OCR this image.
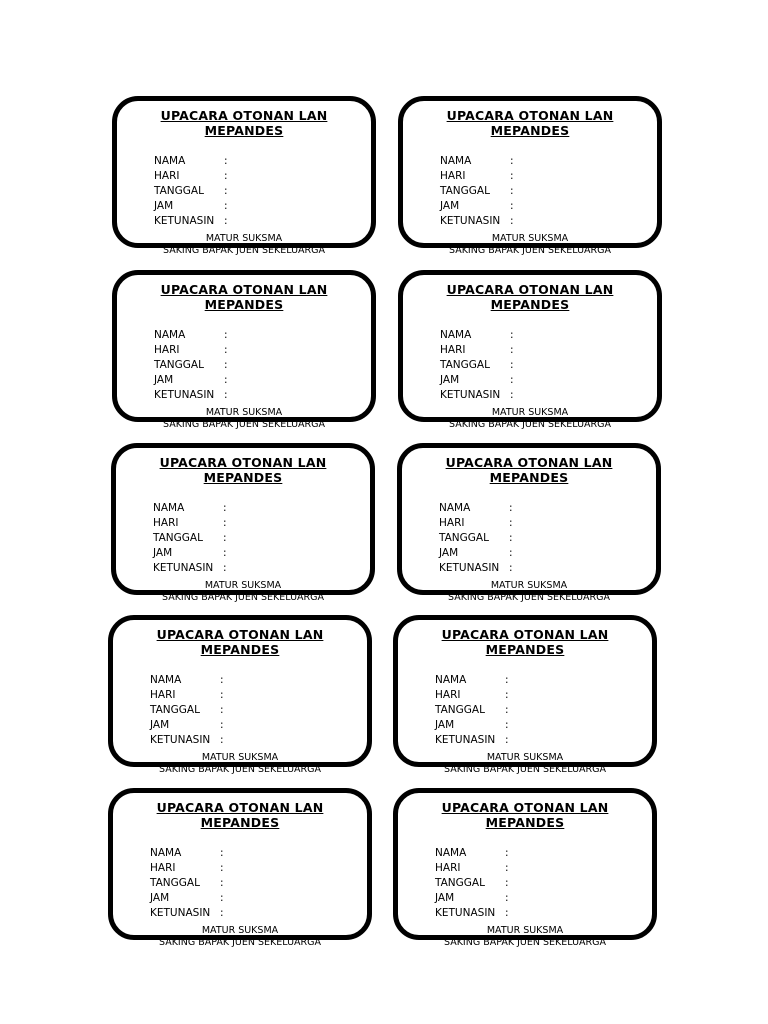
UPACARA OTONAN LAN
MEPANDES
NAMA	:
HARI	:
TANGGAL	:
JAM	:
KETUNASIN :
MATUR SUKSMA
SAKING BAPAK JUEN SEKELUARGA
UPACARA OTONAN LAN
MEPANDES
NAMA	:
HARI	:
TANGGAL	:
JAM	:
KETUNASIN :
MATUR SUKSMA
SAKING BAPAK JUEN SEKELUARGA
UPACARA OTONAN LAN
MEPANDES
NAMA	:
HARI	:
TANGGAL	:
JAM	:
KETUNASIN :
MATUR SUKSMA
SAKING BAPAK JUEN SEKELUARGA
UPACARA OTONAN LAN
MEPANDES
NAMA	:
HARI	:
TANGGAL	:
JAM	:
KETUNASIN :
MATUR SUKSMA
SAKING BAPAK JUEN SEKELUARGA
UPACARA OTONAN LAN
MEPANDES
NAMA	:
HARI	:
TANGGAL	:
JAM	:
KETUNASIN :
MATUR SUKSMA
SAKING BAPAK JUEN SEKELUARGA
UPACARA OTONAN LAN
MEPANDES
NAMA	:
HARI	:
TANGGAL	:
JAM	:
KETUNASIN :
MATUR SUKSMA
SAKING BAPAK JUEN SEKELUARGA
UPACARA OTONAN LAN
MEPANDES
NAMA	:
HARI	:
TANGGAL	:
JAM	:
KETUNASIN :
MATUR SUKSMA
SAKING BAPAK JUEN SEKELUARGA
UPACARA OTONAN LAN
MEPANDES
NAMA	:
HARI	:
TANGGAL	:
JAM	:
KETUNASIN :
MATUR SUKSMA
SAKING BAPAK JUEN SEKELUARGA
UPACARA OTONAN LAN
MEPANDES
NAMA	:
HARI	:
TANGGAL	:
JAM	:
KETUNASIN :
MATUR SUKSMA
SAKING BAPAK JUEN SEKELUARGA
UPACARA OTONAN LAN
MEPANDES
NAMA	:
HARI	:
TANGGAL	:
JAM	:
KETUNASIN :
MATUR SUKSMA
SAKING BAPAK JUEN SEKELUARGA
